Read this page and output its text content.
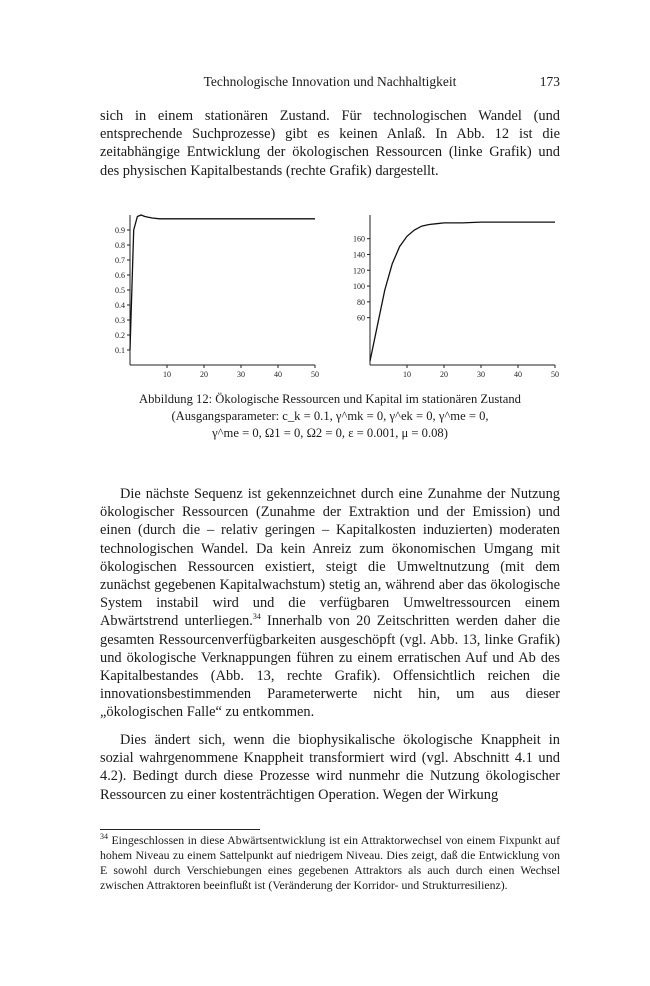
Technologische Innovation und Nachhaltigkeit	173

sich in einem stationären Zustand. Für technologischen Wandel (und entsprechende Suchprozesse) gibt es keinen Anlaß. In Abb. 12 ist die zeitabhängige Entwicklung der ökologischen Ressourcen (linke Grafik) und des physischen Kapitalbestands (rechte Grafik) dargestellt.

10	20	30	40	50
0.1
0.2
0.3
0.4
0.5
0.6
0.7
0.8
0.9
10	20	30	40	50
60
80
100
120
140
160
Abbildung 12: Ökologische Ressourcen und Kapital im stationären Zustand
(Ausgangsparameter: c_k = 0.1, γ^mk = 0, γ^ek = 0, γ^me = 0,
γ^me = 0, Ω1 = 0, Ω2 = 0, ε = 0.001, μ = 0.08)

Die nächste Sequenz ist gekennzeichnet durch eine Zunahme der Nutzung ökologischer Ressourcen (Zunahme der Extraktion und der Emission) und einen (durch die – relativ geringen – Kapitalkosten induzierten) moderaten technologischen Wandel. Da kein Anreiz zum ökonomischen Umgang mit ökologischen Ressourcen existiert, steigt die Umweltnutzung (mit dem zunächst gegebenen Kapitalwachstum) stetig an, während aber das ökologische System instabil wird und die verfügbaren Umweltressourcen einem Abwärtstrend unterliegen.$^{34}$ Innerhalb von 20 Zeitschritten werden daher die gesamten Ressourcenverfügbarkeiten ausgeschöpft (vgl. Abb. 13, linke Grafik) und ökologische Verknappungen führen zu einem erratischen Auf und Ab des Kapitalbestandes (Abb. 13, rechte Grafik). Offensichtlich reichen die innovationsbestimmenden Parameterwerte nicht hin, um aus dieser „ökologischen Falle“ zu entkommen.

Dies ändert sich, wenn die biophysikalische ökologische Knappheit in sozial wahrgenommene Knappheit transformiert wird (vgl. Abschnitt 4.1 und 4.2). Bedingt durch diese Prozesse wird nunmehr die Nutzung ökologischer Ressourcen zu einer kostenträchtigen Operation. Wegen der Wirkung

$^{34}$ Eingeschlossen in diese Abwärtsentwicklung ist ein Attraktorwechsel von einem Fixpunkt auf hohem Niveau zu einem Sattelpunkt auf niedrigem Niveau. Dies zeigt, daß die Entwicklung von E sowohl durch Verschiebungen eines gegebenen Attraktors als auch durch einen Wechsel zwischen Attraktoren beeinflußt ist (Veränderung der Korridor- und Strukturresilienz).
